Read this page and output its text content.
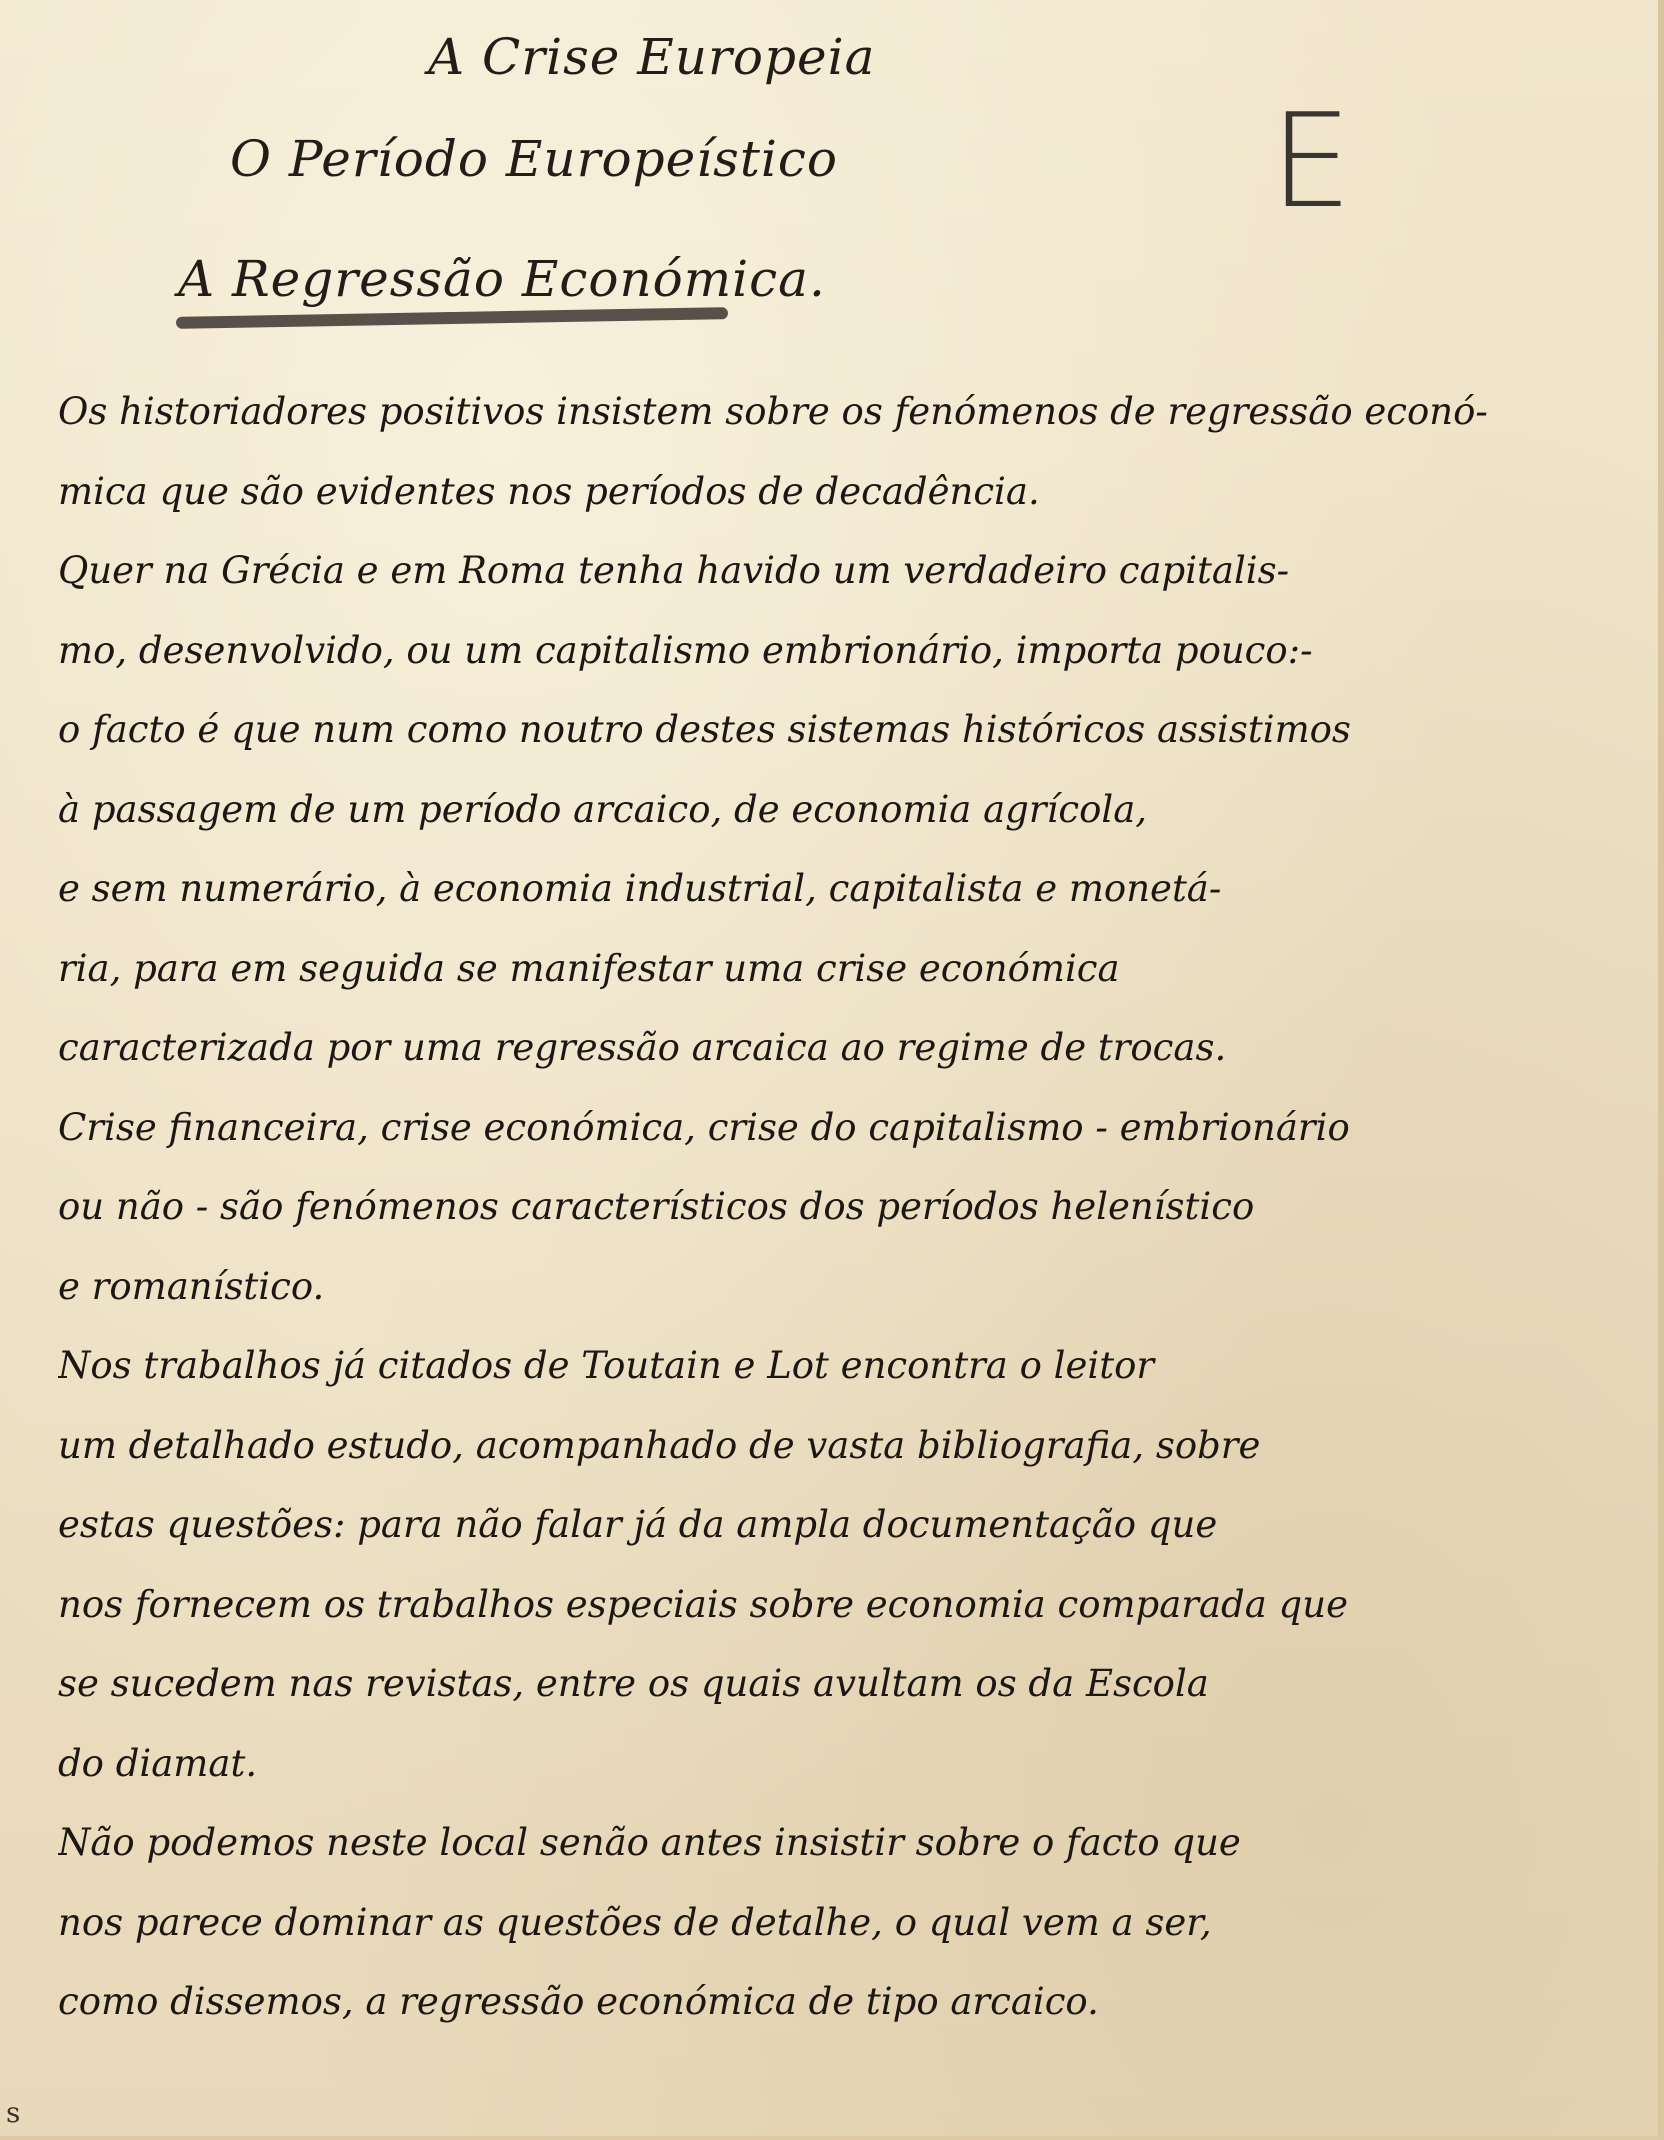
A Crise Europeia
O Período Europeístico
A Regressão Económica.
E
Os historiadores positivos insistem sobre os fenómenos de regressão econó-
mica que são evidentes nos períodos de decadência.
Quer na Grécia e em Roma tenha havido um verdadeiro capitalis-
mo, desenvolvido, ou um capitalismo embrionário, importa pouco:-
o facto é que num como noutro destes sistemas históricos assistimos
à passagem de um período arcaico, de economia agrícola,
e sem numerário, à economia industrial, capitalista e monetá-
ria, para em seguida se manifestar uma crise económica
caracterizada por uma regressão arcaica ao regime de trocas.
Crise financeira, crise económica, crise do capitalismo - embrionário
ou não - são fenómenos característicos dos períodos helenístico
e romanístico.
Nos trabalhos já citados de Toutain e Lot encontra o leitor
um detalhado estudo, acompanhado de vasta bibliografia, sobre
estas questões: para não falar já da ampla documentação que
nos fornecem os trabalhos especiais sobre economia comparada que
se sucedem nas revistas, entre os quais avultam os da Escola
do diamat.
Não podemos neste local senão antes insistir sobre o facto que
nos parece dominar as questões de detalhe, o qual vem a ser,
como dissemos, a regressão económica de tipo arcaico.
s
